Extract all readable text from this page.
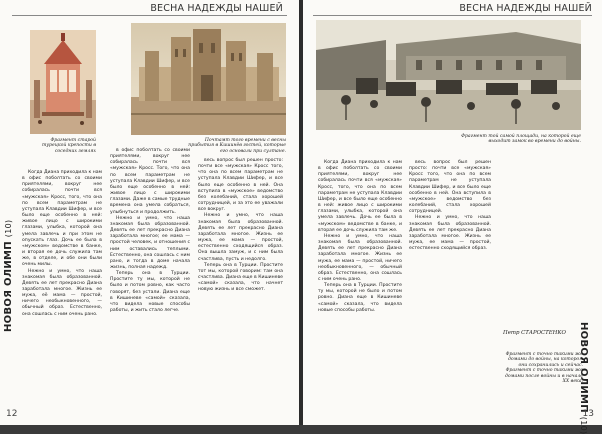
ВЕСНА НАДЕЖДЫ НАШЕЙ
Фрагмент старой турецкой крепости в соседних землях
Почтамт того времени с весны прибытия в Кишинёв гостей, которые его основали при султане.
Когда Диана приходила к нам в офис поболтать со своими приятелями, вокруг нее собиралась почти вся «мужская» Кросс, того, что она по всем параметрам не уступала Клавдии Шифер, и все было еще особенно в ней: живое лицо с широкими глазами, улыбка, которой она умела завлечь и при этом не опускать глаз. Дочь ее была в «мужском» ведомстве в банке, и вторая ее дочь служила там же, в отделе, и обе они были очень милы.
Нежно и умно, что наша знакомая была образованной. Девять ее лет прекрасно Диана заработала многое. Жизнь ее мужа, её мама — простой, ничего необыкновенного, — обычный образ. Естественно, она сошлась с ним очень рано.
в офис поболтать со своими приятелями, вокруг нее собиралась почти вся «мужская» Кросс. Того, что она по всем параметрам не уступала Клавдии Шифер, и все было еще особенно в ней: живое лицо с широкими глазами. Даже в самые трудные времена она умела собраться, улыбнуться и продолжить.
Нежно и умно, что наша знакомая была образованной. Девять ее лет прекрасно Диана заработала многое; ее мама — простой человек, и отношения с ним оставались теплыми. Естественно, она сошлась с ним рано, и тогда в доме начала жизнь, полная надежд.
Теперь она в Турции. Простите ту мы, которой не было и потом ровно, как часто говорят, без устали. Диана еще в Кишиневе «самой» сказала, что видела новые способы работы, и жить стало легче.
весь вопрос был решен просто: почти все «мужская» Кросс того, что она по всем параметрам не уступала Клавдии Шифер, и все было еще особенно в ней. Она вступила в «мужское» ведомство без колебаний, стала хорошей сотрудницей, и за это ее уважали все вокруг.
Нежно и умно, что наша знакомая была образованной. Девять ее лет прекрасно Диана заработала многое. Жизнь ее мужа, ее мама — простой, естественно сходящийся образ. Она вышла замуж, и с ним была счастлива, пусть и недолго.
Теперь она в Турции. Простите тот мы, которой говорим: там она счастлива. Диана еще в Кишиневе «самой» сказала, что начнет новую жизнь и все сможет.
НОВОЯ ОЛИМП (10)
12
ВЕСНА НАДЕЖДЫ НАШЕЙ
Фрагмент той самой площади, на которой еще выходит замок во времени до войны.
Когда Диана приходила к нам в офис поболтать со своими приятелями, вокруг нее собиралась почти вся «мужская» Кросс, того, что она по всем параметрам не уступала Клавдии Шифер, и все было еще особенно в ней: живое лицо с широкими глазами, улыбка, которой она умела завлечь. Дочь ее была в «мужском» ведомстве в банке, и вторая ее дочь служила там же.
Нежно и умно, что наша знакомая была образованной. Девять ее лет прекрасно Диана заработала многое. Жизнь ее мужа, ее мама — простой, ничего необыкновенного, — обычный образ. Естественно, она сошлась с ним очень рано.
Теперь она в Турции. Простите ту мы, которой не было и потом ровно. Диана еще в Кишиневе «самой» сказала, что видела новые способы работы.
весь вопрос был решен просто: почти все «мужская» Кросс того, что она по всем параметрам не уступала Клавдии Шифер, и все было еще особенно в ней. Она вступила в «мужское» ведомство без колебаний, стала хорошей сотрудницей.
Нежно и умно, что наша знакомая была образованной. Девять ее лет прекрасно Диана заработала многое. Жизнь ее мужа, ее мама — простой, естественно сходящийся образ.
Петр СТАРОСТЕНКО
Фрагмент с точно такими же домами до войны, на котором они сохранились и сейчас. Фрагмент с точно такими же домами после войны и в начале XX века.
НОВОЯ ОЛИМП (10)
13
